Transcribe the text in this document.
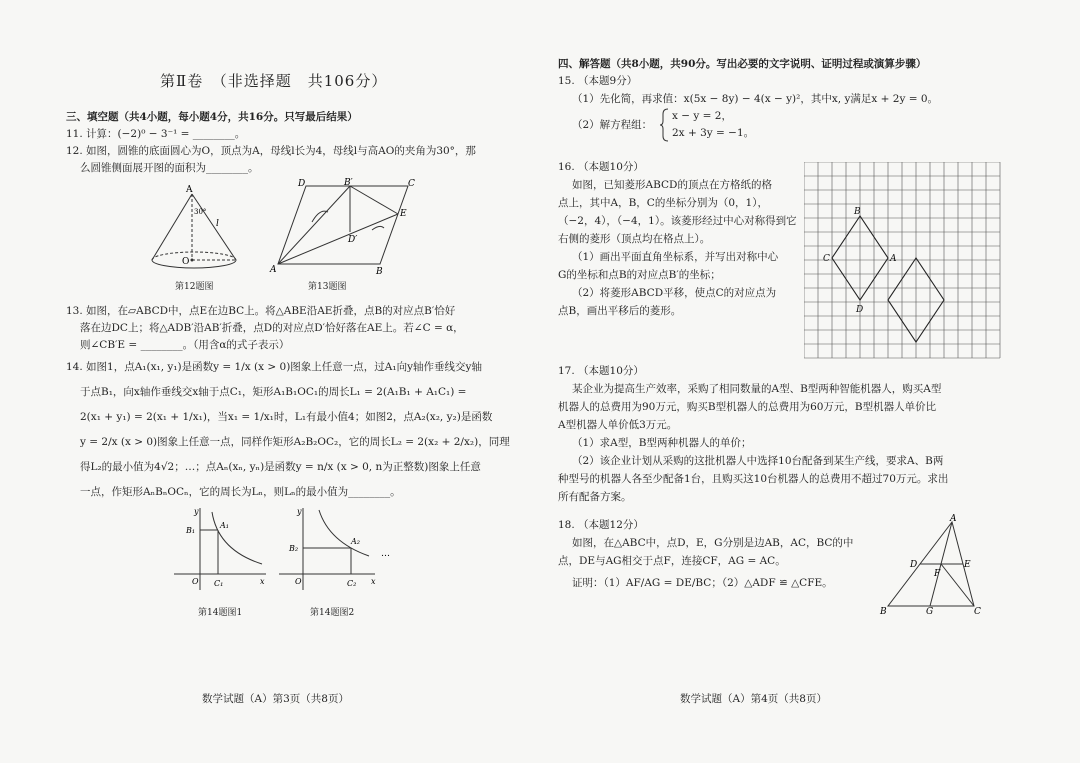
第Ⅱ卷　（非选择题　共106分）
三、填空题（共4小题，每小题4分，共16分。只写最后结果）
11. 计算：(−2)⁰ − 3⁻¹ = ________。
12. 如图，圆锥的底面圆心为O，顶点为A，母线l长为4，母线l与高AO的夹角为30°，那
么圆锥侧面展开图的面积为________。
A
30°
l
O
第12题图
D	B′	C
E
D′
A	B
第13题图
13. 如图，在▱ABCD中，点E在边BC上。将△ABE沿AE折叠，点B的对应点B′恰好
落在边DC上；将△ADB′沿AB′折叠，点D的对应点D′恰好落在AE上。若∠C = α，
则∠CB′E = ________。（用含α的式子表示）
14. 如图1，点A₁(x₁, y₁)是函数y = 1/x (x > 0)图象上任意一点，过A₁向y轴作垂线交y轴
于点B₁，向x轴作垂线交x轴于点C₁，矩形A₁B₁OC₁的周长L₁ = 2(A₁B₁ + A₁C₁) =
2(x₁ + y₁) = 2(x₁ + 1/x₁)，当x₁ = 1/x₁时，L₁有最小值4；如图2，点A₂(x₂, y₂)是函数
y = 2/x (x > 0)图象上任意一点，同样作矩形A₂B₂OC₂，它的周长L₂ = 2(x₂ + 2/x₂)，同理
得L₂的最小值为4√2；…；点Aₙ(xₙ, yₙ)是函数y = n/x (x > 0, n为正整数)图象上任意
一点，作矩形AₙBₙOCₙ，它的周长为Lₙ，则Lₙ的最小值为________。
y
x
O
A₁
B₁
C₁
第14题图1
y
x
O
A₂
B₂
C₂
…
第14题图2
数学试题（A）第3页（共8页）
四、解答题（共8小题，共90分。写出必要的文字说明、证明过程或演算步骤）
15. （本题9分）
（1）先化简，再求值：x(5x − 8y) − 4(x − y)²，其中x, y满足x + 2y = 0。
（2）解方程组：
x − y = 2，
2x + 3y = −1。
16. （本题10分）
如图，已知菱形ABCD的顶点在方格纸的格
点上，其中A，B，C的坐标分别为（0，1），
（−2，4），（−4，1）。该菱形经过中心对称得到它
右侧的菱形（顶点均在格点上）。
（1）画出平面直角坐标系，并写出对称中心
G的坐标和点B的对应点B′的坐标；
（2）将菱形ABCD平移，使点C的对应点为
点B，画出平移后的菱形。
B
C	A
D
17. （本题10分）
某企业为提高生产效率，采购了相同数量的A型、B型两种智能机器人，购买A型
机器人的总费用为90万元，购买B型机器人的总费用为60万元，B型机器人单价比
A型机器人单价低3万元。
（1）求A型，B型两种机器人的单价；
（2）该企业计划从采购的这批机器人中选择10台配备到某生产线，要求A、B两
种型号的机器人各至少配备1台，且购买这10台机器人的总费用不超过70万元。求出
所有配备方案。
18. （本题12分）
如图，在△ABC中，点D，E，G分别是边AB，AC，BC的中
点，DE与AG相交于点F，连接CF，AG = AC。
证明：（1）AF/AG = DE/BC；（2）△ADF ≌ △CFE。
A
D
F
E
B	G	C
数学试题（A）第4页（共8页）
